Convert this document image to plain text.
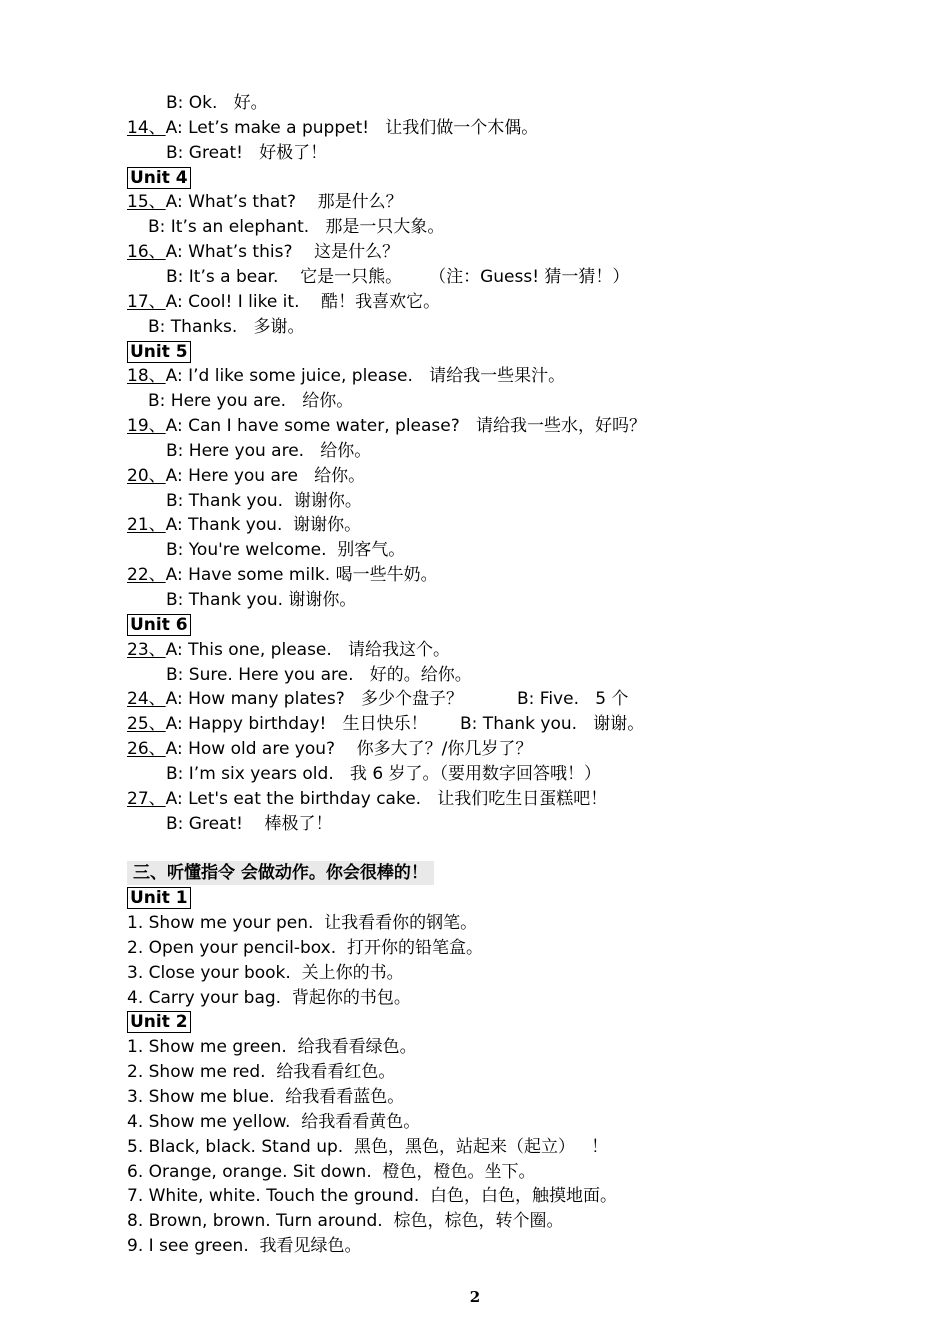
B: Ok.   好。
14、A: Let’s make a puppet!   让我们做一个木偶。
B: Great!   好极了！
Unit 4
15、A: What’s that?    那是什么？
B: It’s an elephant.   那是一只大象。
16、A: What’s this?    这是什么？
B: It’s a bear.    它是一只熊。     （注：Guess! 猜一猜！）
17、A: Cool! I like it.    酷！我喜欢它。
B: Thanks.   多谢。
Unit 5
18、A: I’d like some juice, please.   请给我一些果汁。
B: Here you are.   给你。
19、A: Can I have some water, please?   请给我一些水，好吗？
B: Here you are.   给你。
20、A: Here you are   给你。
B: Thank you.  谢谢你。
21、A: Thank you.  谢谢你。
B: You're welcome.  别客气。
22、A: Have some milk. 喝一些牛奶。
B: Thank you. 谢谢你。
Unit 6
23、A: This one, please.   请给我这个。
B: Sure. Here you are.   好的。给你。
24、A: How many plates?   多少个盘子？          B: Five.   5 个
25、A: Happy birthday!   生日快乐！      B: Thank you.   谢谢。
26、A: How old are you?    你多大了？/你几岁了？
B: I’m six years old.   我 6 岁了。（要用数字回答哦！）
27、A: Let's eat the birthday cake.   让我们吃生日蛋糕吧！
B: Great!    棒极了！
三、听懂指令 会做动作。你会很棒的！
Unit 1
1. Show me your pen.  让我看看你的钢笔。
2. Open your pencil-box.  打开你的铅笔盒。
3. Close your book.  关上你的书。
4. Carry your bag.  背起你的书包。
Unit 2
1. Show me green.  给我看看绿色。
2. Show me red.  给我看看红色。
3. Show me blue.  给我看看蓝色。
4. Show me yellow.  给我看看黄色。
5. Black, black. Stand up.  黑色，黑色，站起来（起立）   ！
6. Orange, orange. Sit down.  橙色，橙色。坐下。
7. White, white. Touch the ground.  白色，白色，触摸地面。
8. Brown, brown. Turn around.  棕色，棕色，转个圈。
9. I see green.  我看见绿色。
2
